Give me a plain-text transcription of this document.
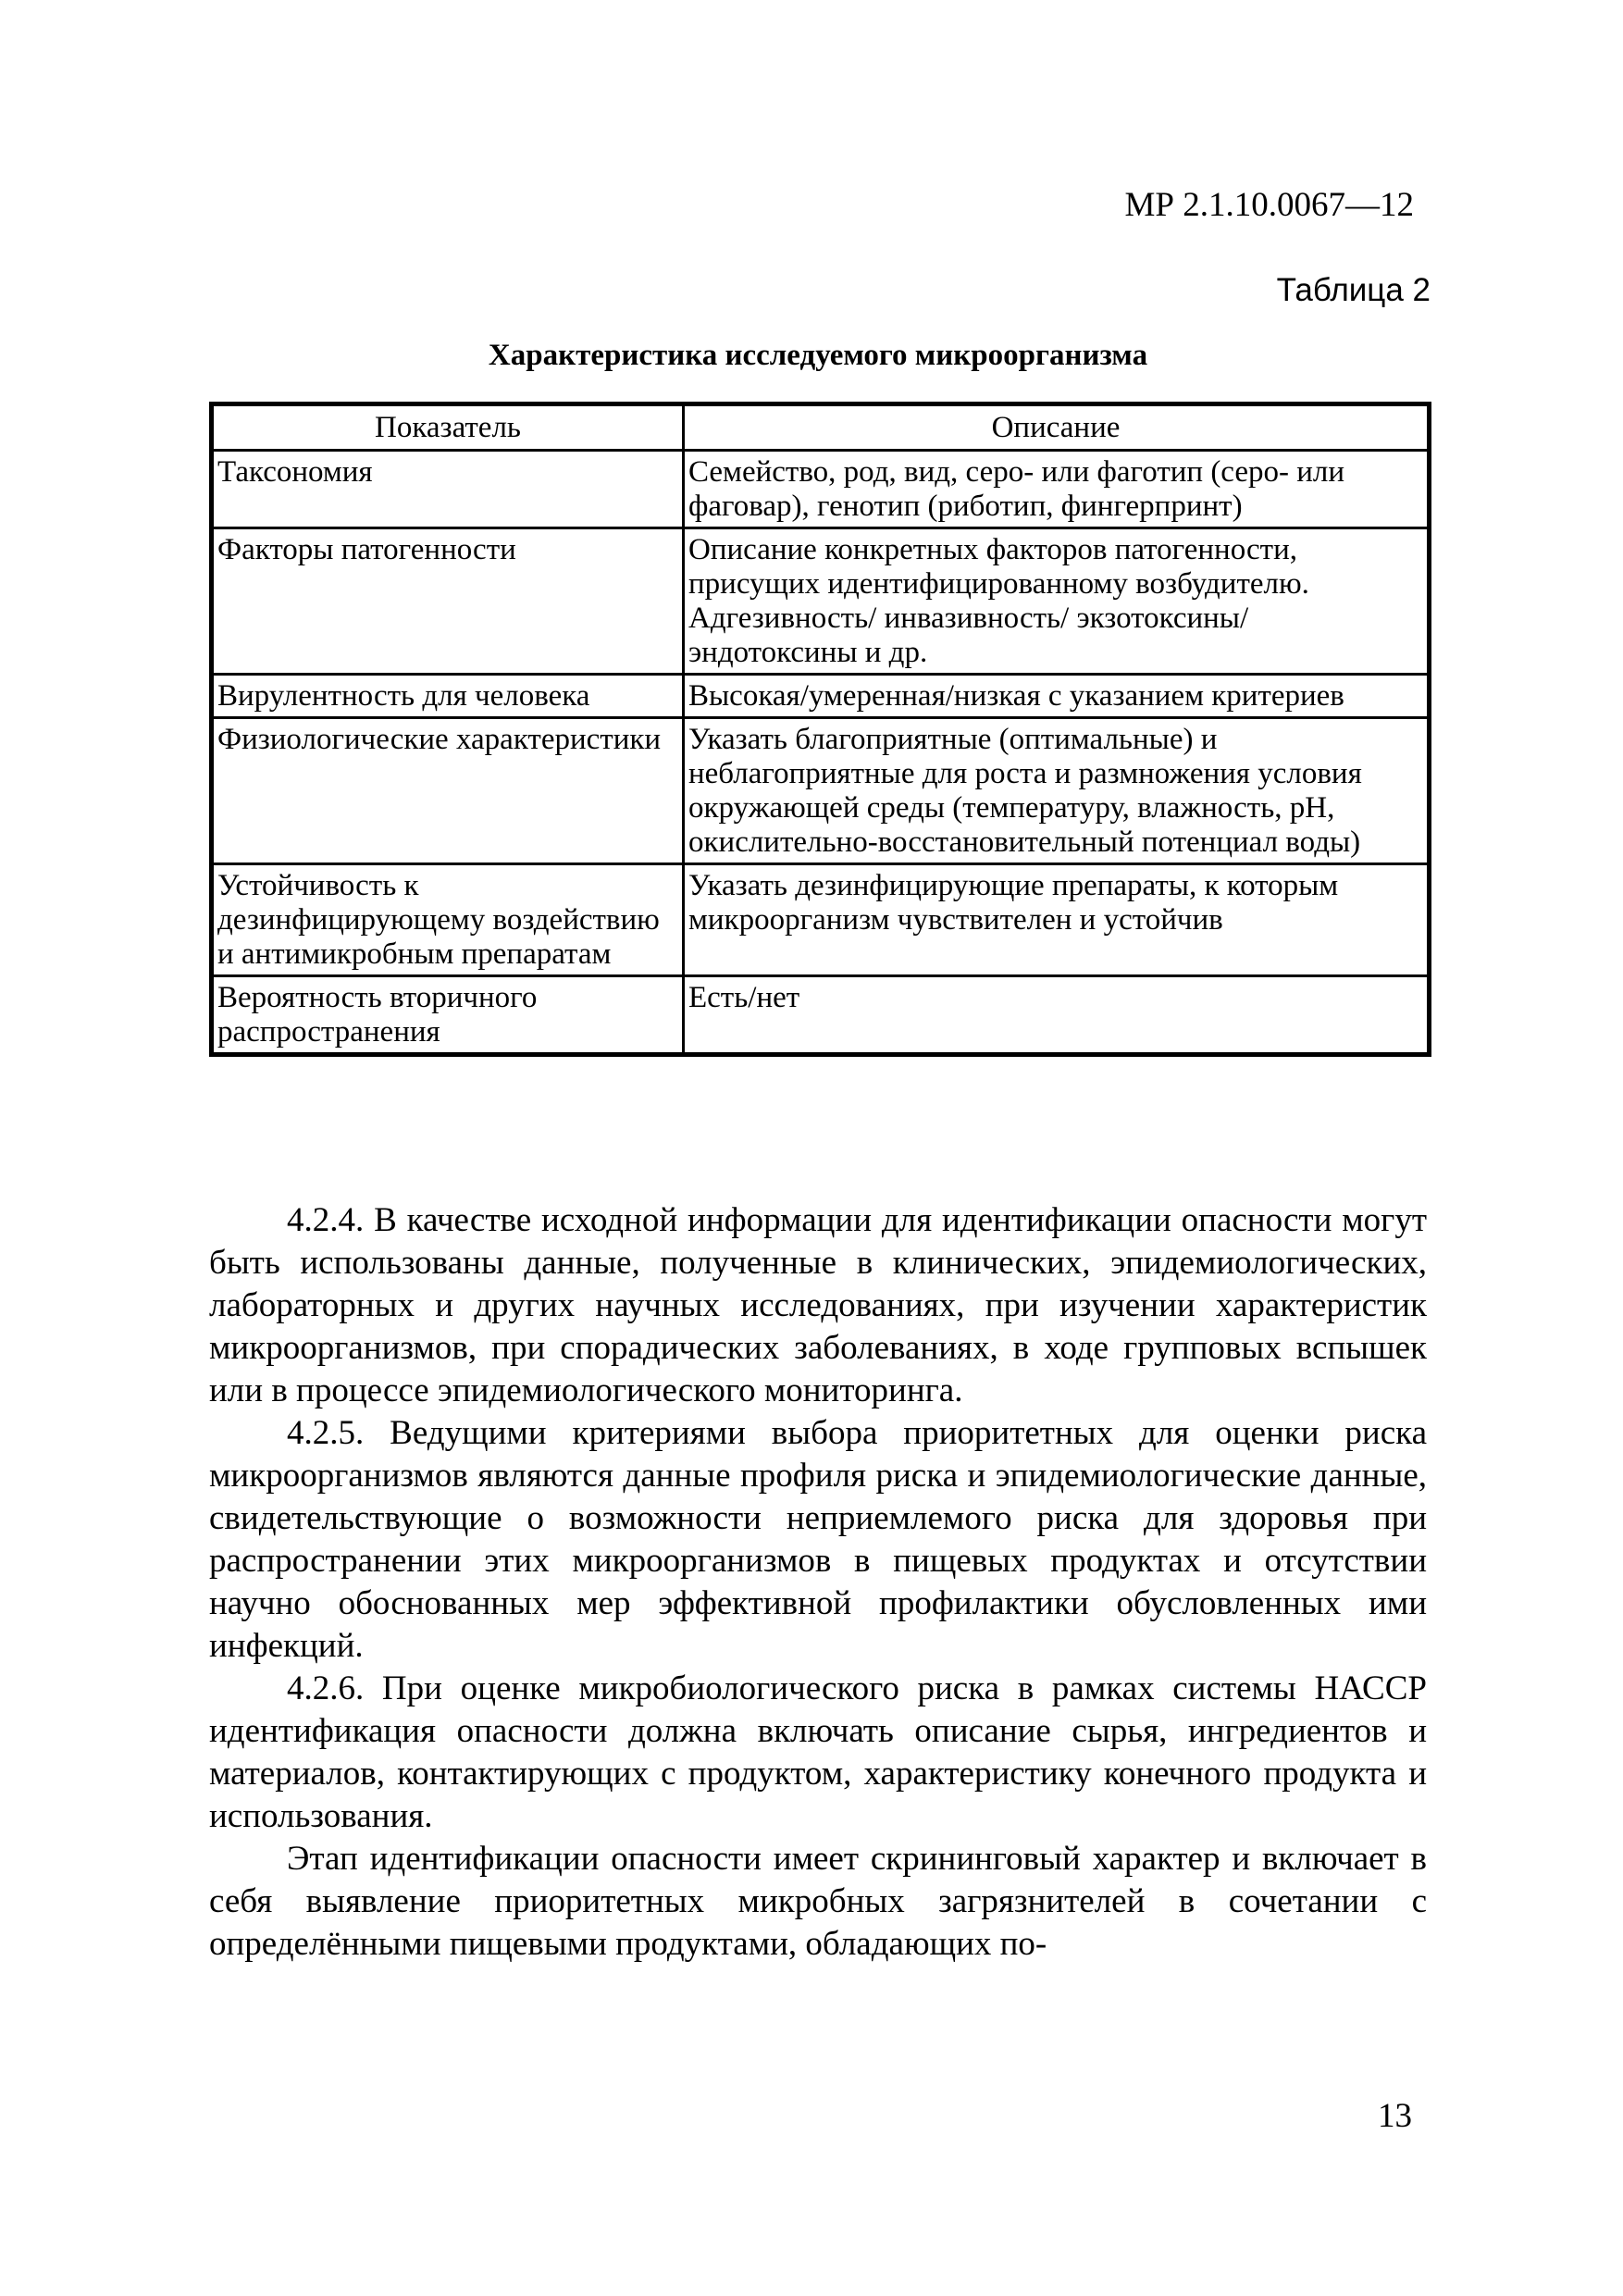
МР 2.1.10.0067—12
Таблица 2
Характеристика исследуемого микроорганизма
Показатель	Описание
Таксономия	Семейство, род, вид, серо- или фаготип (серо- или фаговар), генотип (риботип, фингерпринт)
Факторы патогенности	Описание конкретных факторов патогенности, присущих идентифицированному возбудителю. Адгезивность/ инвазивность/ экзотоксины/ эндотоксины и др.
Вирулентность для человека	Высокая/умеренная/низкая с указанием критериев
Физиологические характеристики	Указать благоприятные (оптимальные) и неблагоприятные для роста и размножения условия окружающей среды (температуру, влажность, pH, окислительно-восстановительный потенциал воды)
Устойчивость к дезинфицирующему воздействию и антимикробным препаратам	Указать дезинфицирующие препараты, к которым микроорганизм чувствителен и устойчив
Вероятность вторичного распространения	Есть/нет

4.2.4. В качестве исходной информации для идентификации опасности могут быть использованы данные, полученные в клинических, эпидемиологических, лабораторных и других научных исследованиях, при изучении характеристик микроорганизмов, при спорадических заболеваниях, в ходе групповых вспышек или в процессе эпидемиологического мониторинга.

4.2.5. Ведущими критериями выбора приоритетных для оценки риска микроорганизмов являются данные профиля риска и эпидемиологические данные, свидетельствующие о возможности неприемлемого риска для здоровья при распространении этих микроорганизмов в пищевых продуктах и отсутствии научно обоснованных мер эффективной профилактики обусловленных ими инфекций.

4.2.6. При оценке микробиологического риска в рамках системы НАССР идентификация опасности должна включать описание сырья, ингредиентов и материалов, контактирующих с продуктом, характеристику конечного продукта и использования.

Этап идентификации опасности имеет скрининговый характер и включает в себя выявление приоритетных микробных загрязнителей в сочетании с определёнными пищевыми продуктами, обладающих по-

13
